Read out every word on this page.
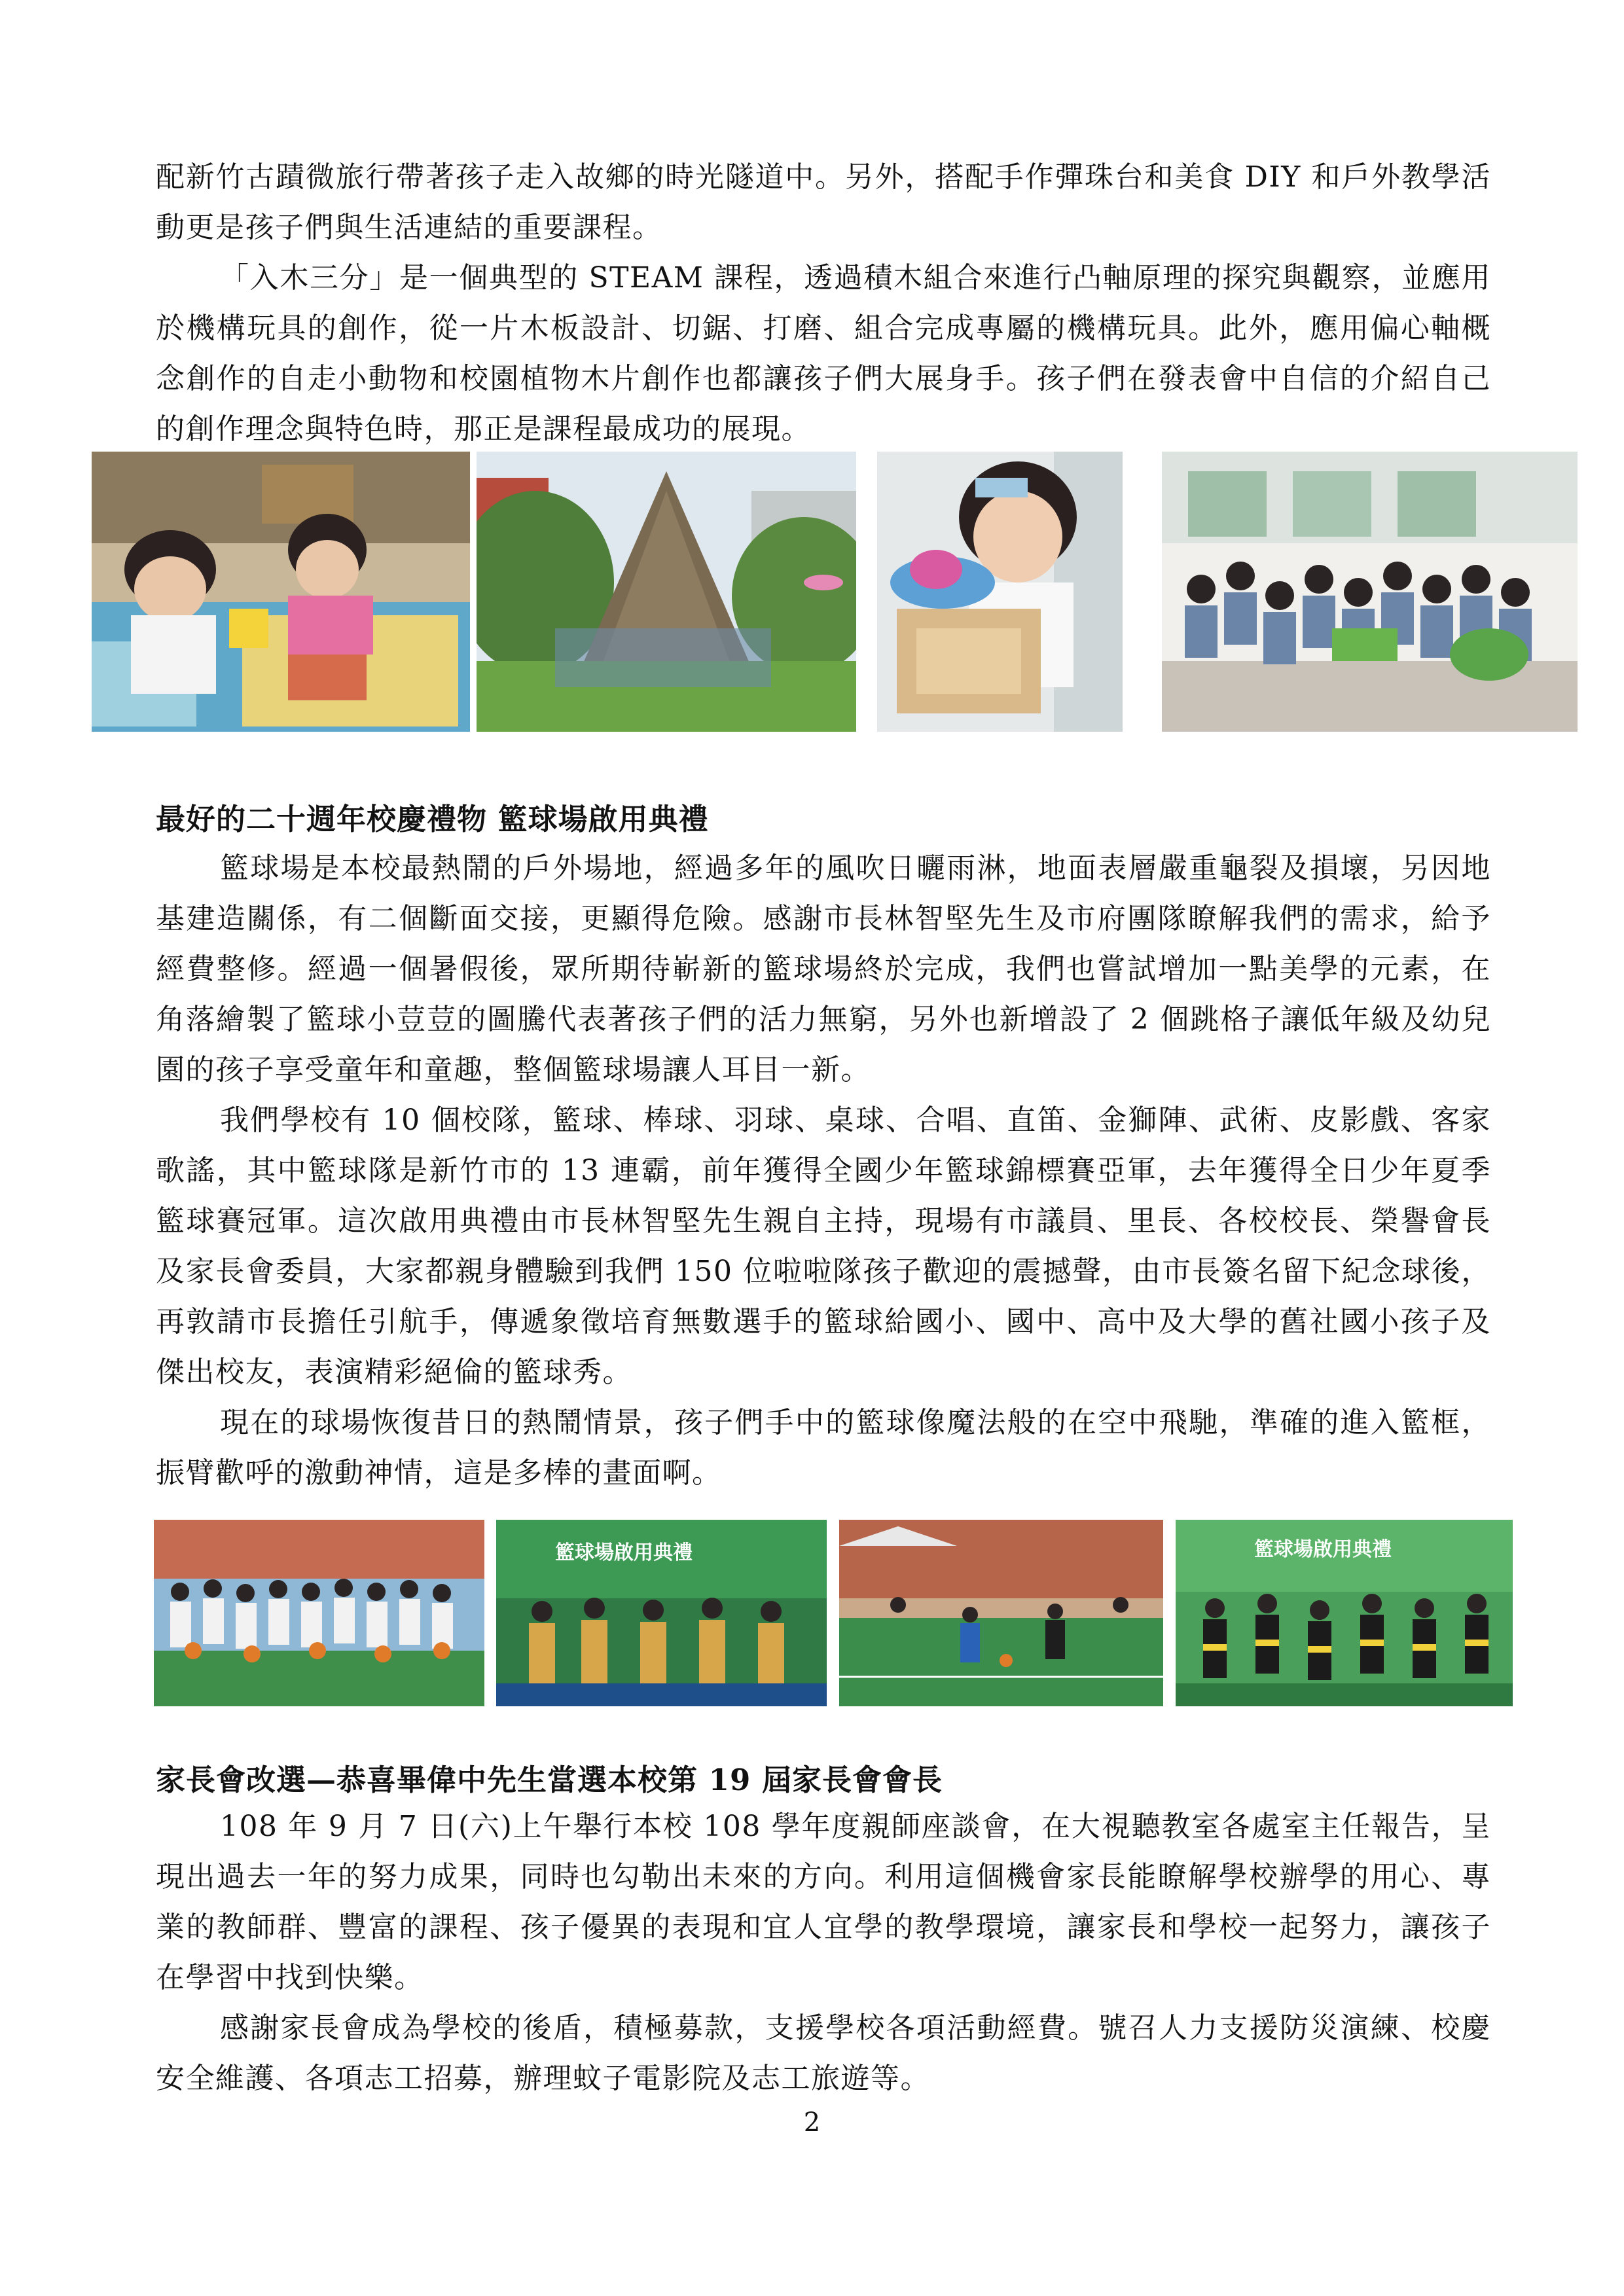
配新竹古蹟微旅行帶著孩子走入故鄉的時光隧道中。另外，搭配手作彈珠台和美食 DIY 和戶外教學活動更是孩子們與生活連結的重要課程。

「入木三分」是一個典型的 STEAM 課程，透過積木組合來進行凸軸原理的探究與觀察，並應用於機構玩具的創作，從一片木板設計、切鋸、打磨、組合完成專屬的機構玩具。此外，應用偏心軸概念創作的自走小動物和校園植物木片創作也都讓孩子們大展身手。孩子們在發表會中自信的介紹自己的創作理念與特色時，那正是課程最成功的展現。

最好的二十週年校慶禮物 籃球場啟用典禮

籃球場是本校最熱鬧的戶外場地，經過多年的風吹日曬雨淋，地面表層嚴重龜裂及損壞，另因地基建造關係，有二個斷面交接，更顯得危險。感謝市長林智堅先生及市府團隊瞭解我們的需求，給予經費整修。經過一個暑假後，眾所期待嶄新的籃球場終於完成，我們也嘗試增加一點美學的元素，在角落繪製了籃球小荳荳的圖騰代表著孩子們的活力無窮，另外也新增設了 2 個跳格子讓低年級及幼兒園的孩子享受童年和童趣，整個籃球場讓人耳目一新。

我們學校有 10 個校隊，籃球、棒球、羽球、桌球、合唱、直笛、金獅陣、武術、皮影戲、客家歌謠，其中籃球隊是新竹市的 13 連霸，前年獲得全國少年籃球錦標賽亞軍，去年獲得全日少年夏季籃球賽冠軍。這次啟用典禮由市長林智堅先生親自主持，現場有市議員、里長、各校校長、榮譽會長及家長會委員，大家都親身體驗到我們 150 位啦啦隊孩子歡迎的震撼聲，由市長簽名留下紀念球後，再敦請市長擔任引航手，傳遞象徵培育無數選手的籃球給國小、國中、高中及大學的舊社國小孩子及傑出校友，表演精彩絕倫的籃球秀。

現在的球場恢復昔日的熱鬧情景，孩子們手中的籃球像魔法般的在空中飛馳，準確的進入籃框，振臂歡呼的激動神情，這是多棒的畫面啊。

籃球場啟用典禮	籃球場啟用典禮
家長會改選—恭喜畢偉中先生當選本校第 19 屆家長會會長

108 年 9 月 7 日(六)上午舉行本校 108 學年度親師座談會，在大視聽教室各處室主任報告，呈現出過去一年的努力成果，同時也勾勒出未來的方向。利用這個機會家長能瞭解學校辦學的用心、專業的教師群、豐富的課程、孩子優異的表現和宜人宜學的教學環境，讓家長和學校一起努力，讓孩子在學習中找到快樂。

感謝家長會成為學校的後盾，積極募款，支援學校各項活動經費。號召人力支援防災演練、校慶安全維護、各項志工招募，辦理蚊子電影院及志工旅遊等。

2
